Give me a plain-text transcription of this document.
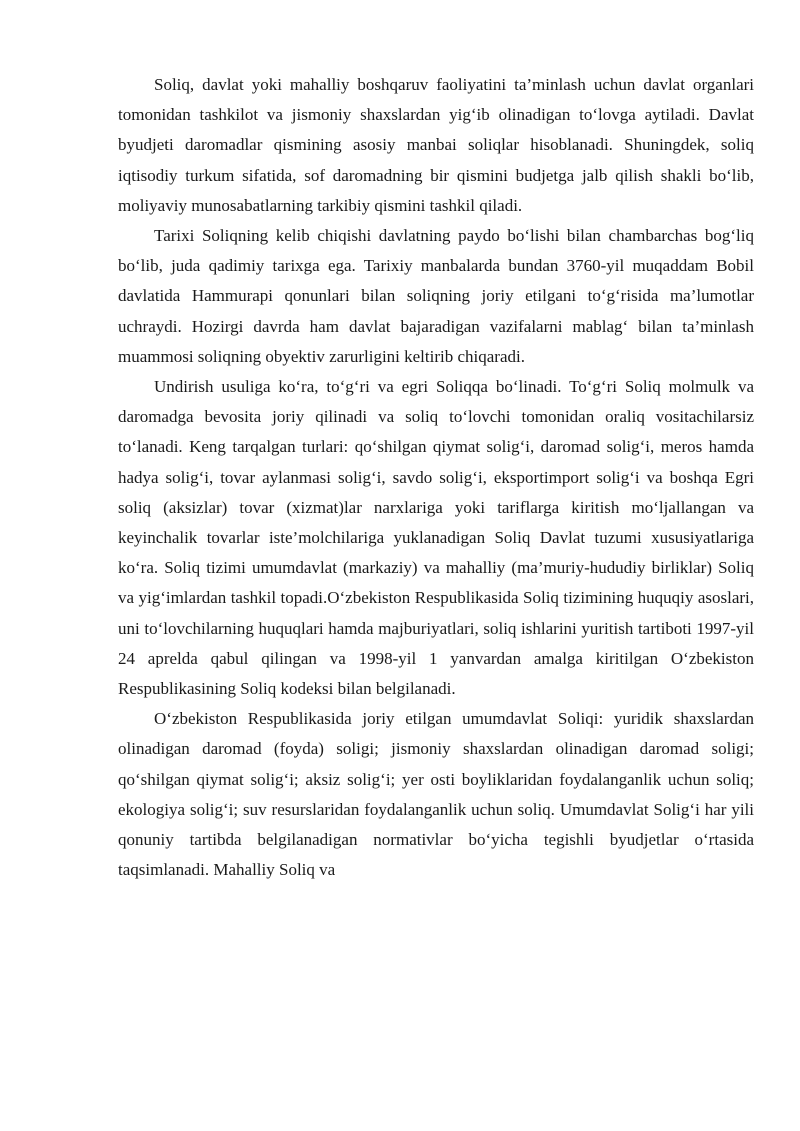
Soliq, davlat yoki mahalliy boshqaruv faoliyatini ta’minlash uchun davlat organlari tomonidan tashkilot va jismoniy shaxslardan yig‘ib olinadigan to‘lovga aytiladi. Davlat byudjeti daromadlar qismining asosiy manbai soliqlar hisoblanadi. Shuningdek, soliq iqtisodiy turkum sifatida, sof daromadning bir qismini budjetga jalb qilish shakli bo‘lib, moliyaviy munosabatlarning tarkibiy qismini tashkil qiladi.

Tarixi Soliqning kelib chiqishi davlatning paydo bo‘lishi bilan chambarchas bog‘liq bo‘lib, juda qadimiy tarixga ega. Tarixiy manbalarda bundan 3760-yil muqaddam Bobil davlatida Hammurapi qonunlari bilan soliqning joriy etilgani to‘g‘risida ma’lumotlar uchraydi. Hozirgi davrda ham davlat bajaradigan vazifalarni mablag‘ bilan ta’minlash muammosi soliqning obyektiv zarurligini keltirib chiqaradi.

Undirish usuliga ko‘ra, to‘g‘ri va egri Soliqqa bo‘linadi. To‘g‘ri Soliq molmulk va daromadga bevosita joriy qilinadi va soliq to‘lovchi tomonidan oraliq vositachilarsiz to‘lanadi. Keng tarqalgan turlari: qo‘shilgan qiymat solig‘i, daromad solig‘i, meros hamda hadya solig‘i, tovar aylanmasi solig‘i, savdo solig‘i, eksportimport solig‘i va boshqa Egri soliq (aksizlar) tovar (xizmat)lar narxlariga yoki tariflarga kiritish mo‘ljallangan va keyinchalik tovarlar iste’molchilariga yuklanadigan Soliq Davlat tuzumi xususiyatlariga ko‘ra. Soliq tizimi umumdavlat (markaziy) va mahalliy (ma’muriy-hududiy birliklar) Soliq va yig‘imlardan tashkil topadi.O‘zbekiston Respublikasida Soliq tizimining huquqiy asoslari, uni to‘lovchilarning huquqlari hamda majburiyatlari, soliq ishlarini yuritish tartiboti 1997-yil 24 aprelda qabul qilingan va 1998-yil 1 yanvardan amalga kiritilgan O‘zbekiston Respublikasining Soliq kodeksi bilan belgilanadi.

O‘zbekiston Respublikasida joriy etilgan umumdavlat Soliqi: yuridik shaxslardan olinadigan daromad (foyda) soligi; jismoniy shaxslardan olinadigan daromad soligi; qo‘shilgan qiymat solig‘i; aksiz solig‘i; yer osti boyliklaridan foydalanganlik uchun soliq; ekologiya solig‘i; suv resurslaridan foydalanganlik uchun soliq. Umumdavlat Solig‘i har yili qonuniy tartibda belgilanadigan normativlar bo‘yicha tegishli byudjetlar o‘rtasida taqsimlanadi. Mahalliy Soliq va
